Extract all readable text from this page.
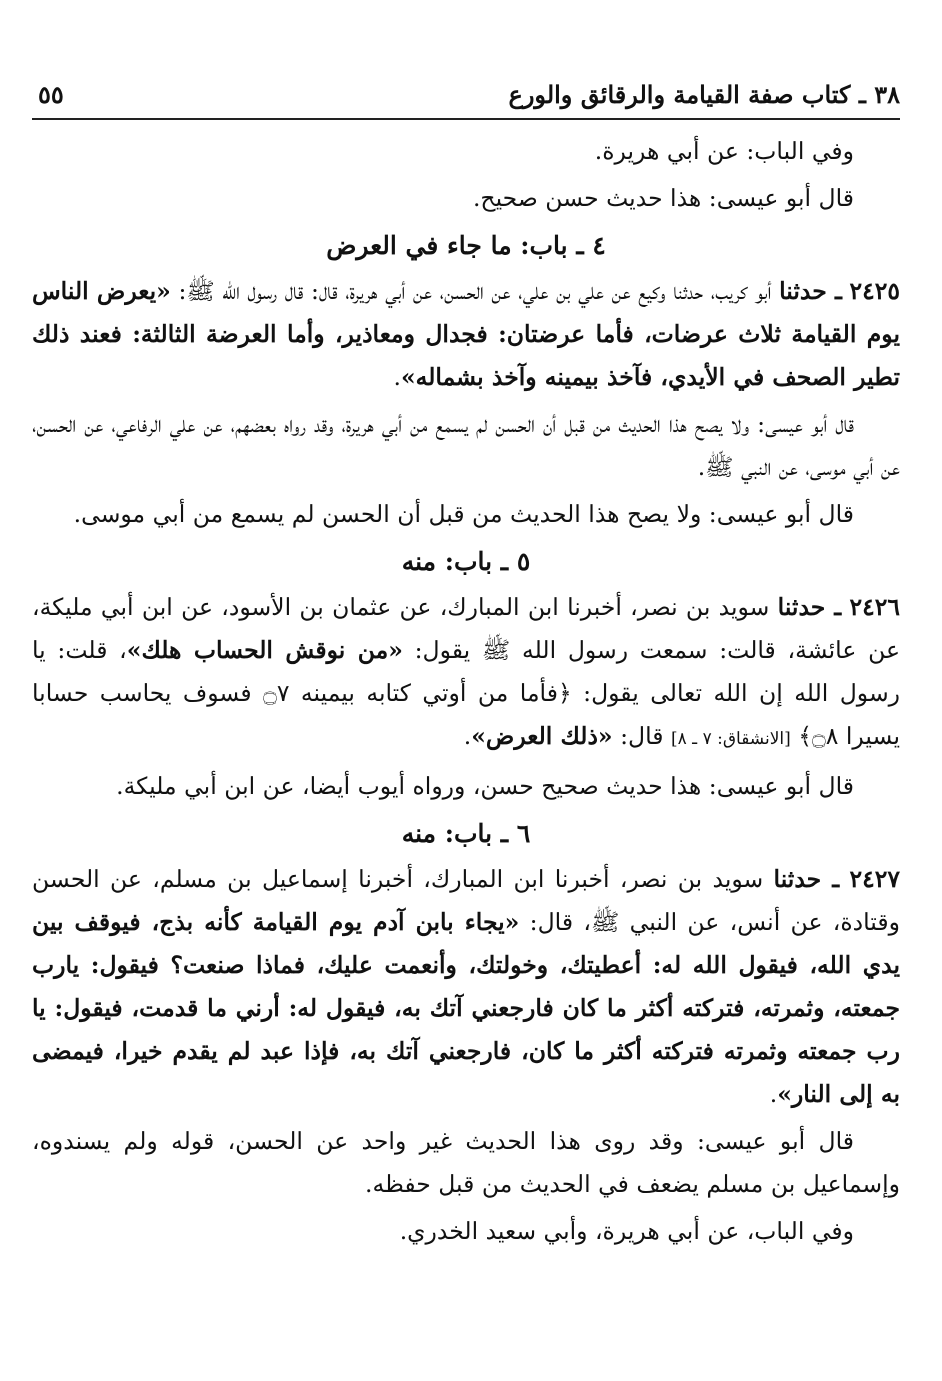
٣٨ ـ كتاب صفة القيامة والرقائق والورع
٥٥

وفي الباب: عن أبي هريرة.

قال أبو عيسى: هذا حديث حسن صحيح.

٤ ـ باب: ما جاء في العرض

٢٤٢٥ ـ حدثنا أبو كريب، حدثنا وكيع عن علي بن علي، عن الحسن، عن أبي هريرة، قال: قال رسول الله ﷺ: «يعرض الناس يوم القيامة ثلاث عرضات، فأما عرضتان: فجدال ومعاذير، وأما العرضة الثالثة: فعند ذلك تطير الصحف في الأيدي، فآخذ بيمينه وآخذ بشماله».

قال أبو عيسى: ولا يصح هذا الحديث من قبل أن الحسن لم يسمع من أبي هريرة، وقد رواه بعضهم، عن علي الرفاعي، عن الحسن، عن أبي موسى، عن النبي ﷺ.

قال أبو عيسى: ولا يصح هذا الحديث من قبل أن الحسن لم يسمع من أبي موسى.

٥ ـ باب: منه

٢٤٢٦ ـ حدثنا سويد بن نصر، أخبرنا ابن المبارك، عن عثمان بن الأسود، عن ابن أبي مليكة، عن عائشة، قالت: سمعت رسول الله ﷺ يقول: «من نوقش الحساب هلك»، قلت: يا رسول الله إن الله تعالى يقول: ﴿فأما من أوتي كتابه بيمينه ۝٧ فسوف يحاسب حسابا يسيرا ۝٨﴾ [الانشقاق: ٧ ـ ٨] قال: «ذلك العرض».

قال أبو عيسى: هذا حديث صحيح حسن، ورواه أيوب أيضا، عن ابن أبي مليكة.

٦ ـ باب: منه

٢٤٢٧ ـ حدثنا سويد بن نصر، أخبرنا ابن المبارك، أخبرنا إسماعيل بن مسلم، عن الحسن وقتادة، عن أنس، عن النبي ﷺ، قال: «يجاء بابن آدم يوم القيامة كأنه بذج، فيوقف بين يدي الله، فيقول الله له: أعطيتك، وخولتك، وأنعمت عليك، فماذا صنعت؟ فيقول: يارب جمعته، وثمرته، فتركته أكثر ما كان فارجعني آتك به، فيقول له: أرني ما قدمت، فيقول: يا رب جمعته وثمرته فتركته أكثر ما كان، فارجعني آتك به، فإذا عبد لم يقدم خيرا، فيمضى به إلى النار».

قال أبو عيسى: وقد روى هذا الحديث غير واحد عن الحسن، قوله ولم يسندوه، وإسماعيل بن مسلم يضعف في الحديث من قبل حفظه.

وفي الباب، عن أبي هريرة، وأبي سعيد الخدري.
